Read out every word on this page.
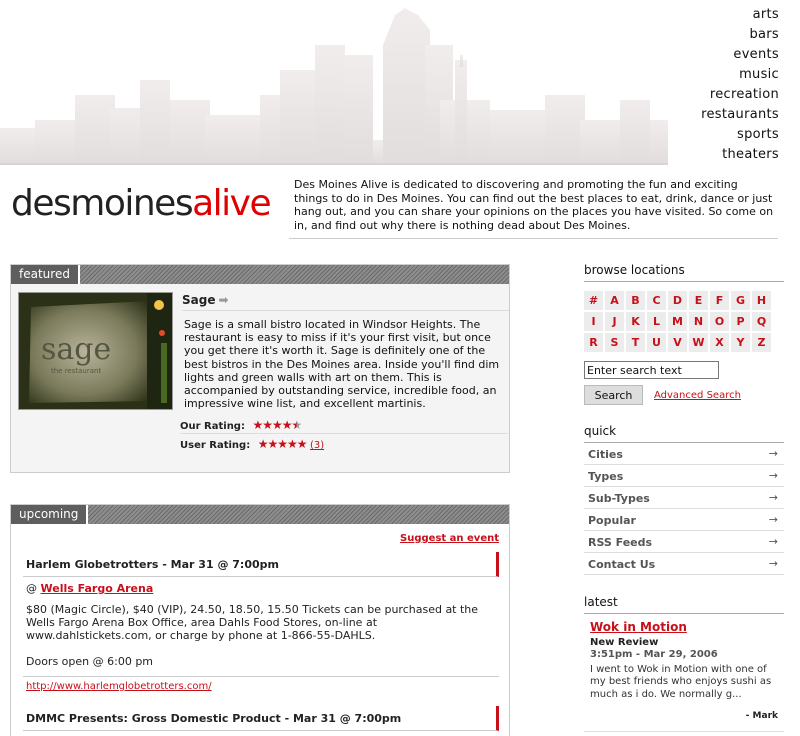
arts
bars
events
music
recreation
restaurants
sports
theaters
desmoinesalive	Des Moines Alive is dedicated to discovering and promoting the fun and exciting things to do in Des Moines. You can find out the best places to eat, drink, dance or just hang out, and you can share your opinions on the places you have visited. So come on in, and find out why there is nothing dead about Des Moines.
featured
sage
the restaurant
Sage ➡
Sage is a small bistro located in Windsor Heights. The restaurant is easy to miss if it's your first visit, but once you get there it's worth it. Sage is definitely one of the best bistros in the Des Moines area. Inside you'll find dim lights and green walls with art on them. This is accompanied by outstanding service, incredible food, an impressive wine list, and excellent martinis.
Our Rating: ★★★★★
User Rating: ★★★★★ (3)
upcoming
Suggest an event
Harlem Globetrotters - Mar 31 @ 7:00pm
@ Wells Fargo Arena
$80 (Magic Circle), $40 (VIP), 24.50, 18.50, 15.50 Tickets can be purchased at the Wells Fargo Arena Box Office, area Dahls Food Stores, on-line at www.dahlstickets.com, or charge by phone at 1-866-55-DAHLS.
Doors open @ 6:00 pm
http://www.harlemglobetrotters.com/
DMMC Presents: Gross Domestic Product - Mar 31 @ 7:00pm
browse locations
#	A	B	C	D	E	F	G	H
I	J	K	L	M N	O	P	Q
R	S	T	U	V W X	Y	Z
Enter search text
Search	Advanced Search
quick
Cities	→
Types	→
Sub-Types	→
Popular	→
RSS Feeds	→
Contact Us	→
latest
Wok in Motion
New Review
3:51pm - Mar 29, 2006
I went to Wok in Motion with one of my best friends who enjoys sushi as much as i do. We normally g...
- Mark
